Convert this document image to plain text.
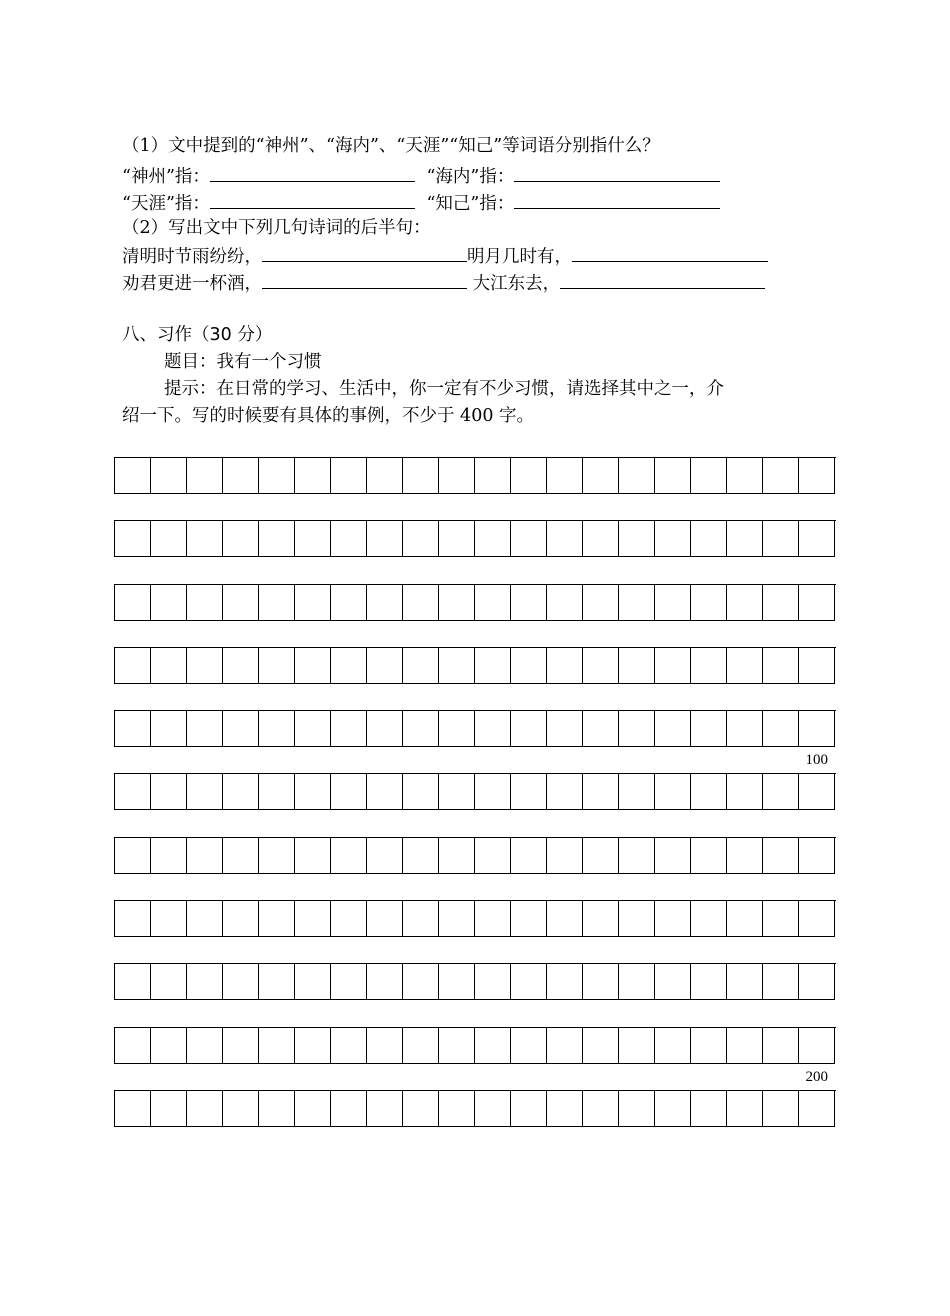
（1）文中提到的“神州”、“海内”、“天涯”“知己”等词语分别指什么？

“神州”指：	“海内”指：
“天涯”指：	“知己”指：

（2）写出文中下列几句诗词的后半句：

清明时节雨纷纷，	明月几时有，
劝君更进一杯酒，	大江东去，

八、习作（30 分）

题目：我有一个习惯

提示：在日常的学习、生活中，你一定有不少习惯，请选择其中之一，介

绍一下。写的时候要有具体的事例，不少于 400 字。

100

200
